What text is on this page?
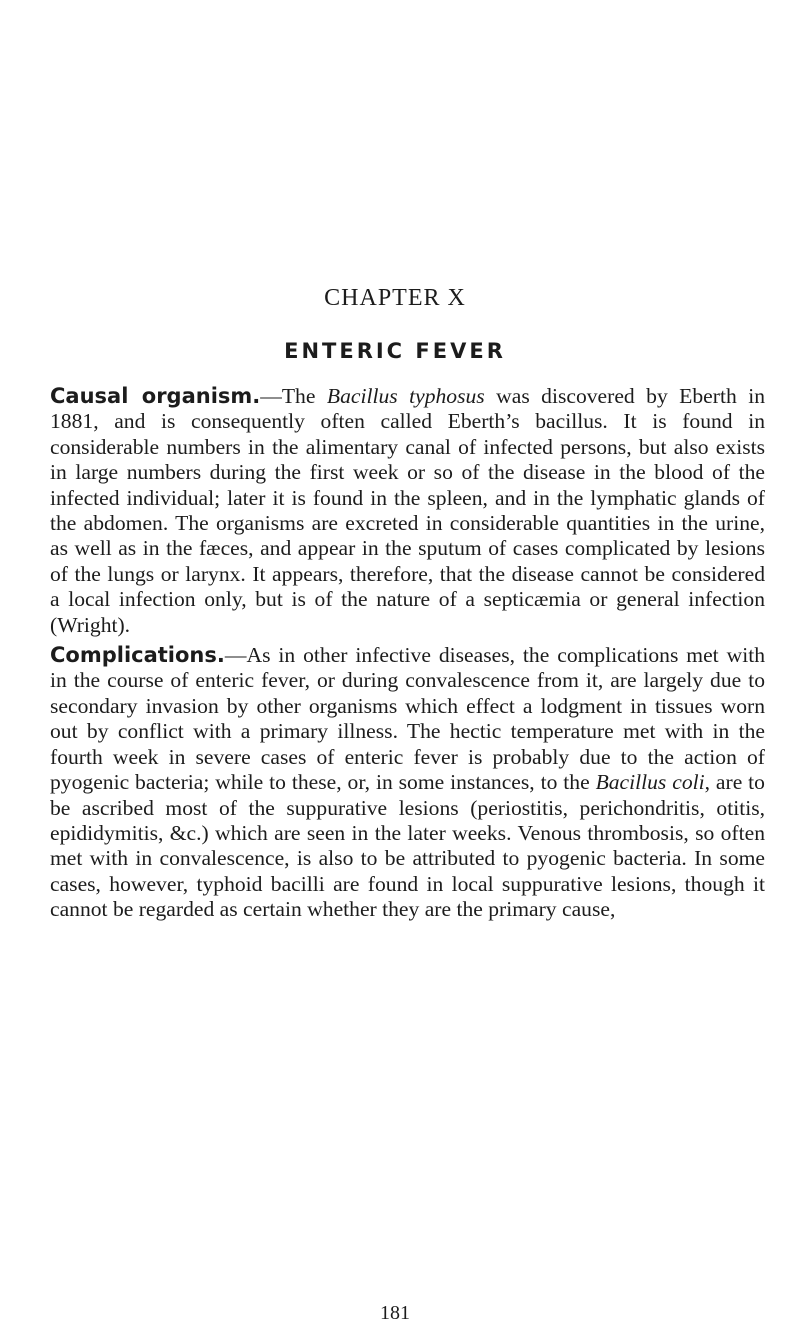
CHAPTER X
ENTERIC FEVER

Causal organism.—The Bacillus typhosus was discovered by Eberth in 1881, and is consequently often called Eberth’s bacillus. It is found in considerable numbers in the alimentary canal of infected persons, but also exists in large numbers during the first week or so of the disease in the blood of the infected individual; later it is found in the spleen, and in the lymphatic glands of the abdomen. The organisms are excreted in considerable quantities in the urine, as well as in the fæces, and appear in the sputum of cases complicated by lesions of the lungs or larynx. It appears, therefore, that the disease cannot be considered a local infection only, but is of the nature of a septicæmia or general infection (Wright).

Complications.—As in other infective diseases, the complications met with in the course of enteric fever, or during convalescence from it, are largely due to secondary invasion by other organisms which effect a lodgment in tissues worn out by conflict with a primary illness. The hectic temperature met with in the fourth week in severe cases of enteric fever is probably due to the action of pyogenic bacteria; while to these, or, in some instances, to the Bacillus coli, are to be ascribed most of the suppurative lesions (periostitis, perichondritis, otitis, epididymitis, &c.) which are seen in the later weeks. Venous thrombosis, so often met with in convalescence, is also to be attributed to pyogenic bacteria. In some cases, however, typhoid bacilli are found in local suppurative lesions, though it cannot be regarded as certain whether they are the primary cause,

181
